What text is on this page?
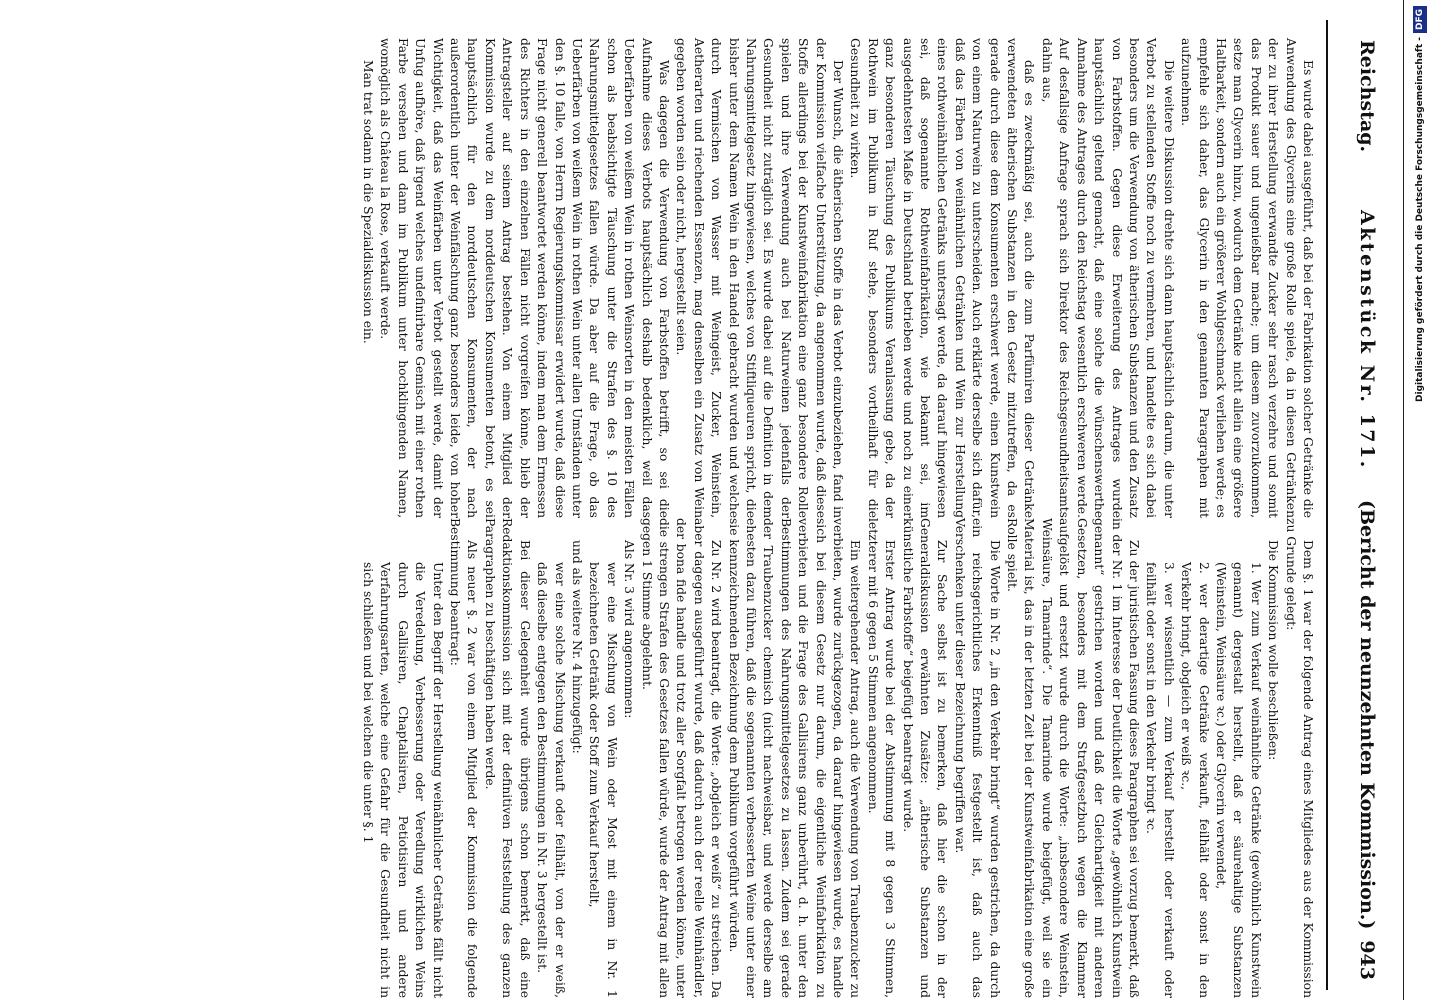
Reichstag.
Aktenstück Nr. 171.
(Bericht der neunzehnten Kommission.)
943

Es wurde dabei ausgeführt, daß bei der Fabrikation solcher Getränke die Anwendung des Glycerins eine große Rolle spiele, da in diesen Getränken der zu ihrer Herstellung verwandte Zucker sehr rasch verzehre und somit das Produkt sauer und ungenießbar mache; um diesem zuvorzukommen, setze man Glycerin hinzu, wodurch dem Getränke nicht allein eine größere Haltbarkeit, sondern auch ein größerer Wohlgeschmack verliehen werde; es empfehle sich daher, das Glycerin in den genannten Paragraphen mit aufzunehmen.

Die weitere Diskussion drehte sich dann hauptsächlich darum, die unter Verbot zu stellenden Stoffe noch zu vermehren, und handelte es sich dabei besonders um die Verwendung von ätherischen Substanzen und den Zusatz von Farbstoffen. Gegen diese Erweiterung des Antrages wurde hauptsächlich geltend gemacht, daß eine solche die wünschenswerthe Annahme des Antrages durch den Reichstag wesentlich erschweren werde. Auf desfallsige Anfrage sprach sich Direktor des Reichsgesundheitsamts dahin aus,

daß es zweckmäßig sei, auch die zum Parfümiren dieser Getränke verwendeten ätherischen Substanzen in den Gesetz mitzutreffen, da es gerade durch diese dem Konsumenten erschwert werde, einen Kunstwein von einem Naturwein zu unterscheiden. Auch erklärte derselbe sich dafür, daß das Färben von weinähnlichen Getränken und Wein zur Herstellung eines rothweinähnlichen Getränks untersagt werde, da darauf hingewiesen sei, daß sogenannte Rothweinfabrikation, wie bekannt sei, im ausgedehntesten Maße in Deutschland betrieben werde und noch zu einer ganz besonderen Täuschung des Publikums Veranlassung gebe, da der Rothwein im Publikum in Ruf stehe, besonders vortheilhaft für die Gesundheit zu wirken.

Der Wunsch, die ätherischen Stoffe in das Verbot einzubeziehen, fand in der Kommission vielfache Unterstützung, da angenommen wurde, daß diese Stoffe allerdings bei der Kunstweinfabrikation eine ganz besondere Rolle spielen und ihre Verwendung auch bei Naturweinen jedenfalls der Gesundheit nicht zuträglich sei. Es wurde dabei auf die Definition in dem Nahrungsmittelgesetz hingewiesen, welches von Stiftliqueuren spricht, die bisher unter dem Namen Wein in den Handel gebracht wurden und welche durch Vermischen von Wasser mit Weingeist, Zucker, Weinstein, Aetherarten und riechenden Essenzen, mag denselben ein Zusatz von Wein gegeben worden sein oder nicht, hergestellt seien.

Was dagegen die Verwendung von Farbstoffen betrifft, so sei die Aufnahme dieses Verbots hauptsächlich deshalb bedenklich, weil das Ueberfärben von weißem Wein in rothen Weinsorten in den meisten Fällen schon als beabsichtigte Täuschung unter die Strafen des §. 10 des Nahrungsmittelgesetzes fallen würde. Da aber auf die Frage, ob das Ueberfärben von weißem Wein in rothen Wein unter allen Umständen unter den §. 10 falle, von Herrn Regierungskommissar erwidert wurde, daß diese Frage nicht generell beantwortet werden könne, indem man dem Ermessen des Richters in den einzelnen Fällen nicht vorgreifen könne, blieb der Antragsteller auf seinem Antrag bestehen. Von einem Mitglied der Kommission wurde zu dem norddeutschen Konsumenten betont, es sei hauptsächlich für den norddeutschen Konsumenten, der nach außerordentlich unter der Weinfälschung ganz besonders leide, von hoher Wichtigkeit, daß das Weinfärben unter Verbot gestellt werde, damit der Unfug aufhöre, daß irgend welches undefinirbare Gemisch mit einer rothen Farbe versehen und dann im Publikum unter hochklingenden Namen, womöglich als Château la Rose, verkauft werde.

Man trat sodann in die Spezialdiskussion ein.

Dem §. 1 war der folgende Antrag eines Mitgliedes aus der Kommission zu Grunde gelegt:

Die Kommission wolle beschließen:

1. Wer zum Verkauf weinähnliche Getränke (gewöhnlich Kunstwein genannt) dergestalt herstellt, daß er säurehaltige Substanzen (Weinstein, Weinsäure ꝛc.) oder Glycerin verwendet,

2. wer derartige Getränke verkauft, feilhält oder sonst in den Verkehr bringt, obgleich er weiß ꝛc.,

3. wer wissentlich — zum Verkauf herstellt oder verkauft oder feilhält oder sonst in den Verkehr bringt ꝛc.

Zu der juristischen Fassung dieses Paragraphen sei vorzug bemerkt, daß in der Nr. 1 im Interesse der Deutlichkeit die Worte „gewöhnlich Kunstwein genannt“ gestrichen worden und daß der Gleichartigkeit mit anderen Gesetzen, besonders mit dem Strafgesetzbuch wegen die Klammer aufgelöst und ersetzt wurde durch die Worte: „insbesondere Weinstein, Weinsäure, Tamarinde“. Die Tamarinde wurde beigefügt, weil sie ein Material ist, das in der letzten Zeit bei der Kunstweinfabrikation eine große Rolle spielt.

Die Worte in Nr. 2 „in den Verkehr bringt“ wurden gestrichen, da durch ein reichsgerichtliches Erkenntniß festgestellt ist, daß auch das Verschenken unter dieser Bezeichnung begriffen war.

Zur Sache selbst ist zu bemerken, daß hier die schon in der Generaldiskussion erwähnten Zusätze: „ätherische Substanzen und künstliche Farbstoffe“ beigefügt beantragt wurde.

Erster Antrag wurde bei der Abstimmung mit 8 gegen 3 Stimmen, letzterer mit 6 gegen 5 Stimmen angenommen.

Ein weitergehender Antrag, auch die Verwendung von Traubenzucker zu verbieten, wurde zurückgezogen, da darauf hingewiesen wurde, es handle sich bei diesem Gesetz nur darum, die eigentliche Weinfabrikation zu verbieten und die Frage des Gallisirens ganz unberührt, d. h. unter den Bestimmungen des Nahrungsmittelgesetzes zu lassen. Zudem sei gerade der Traubenzucker chemisch (nicht nachweisbar, und werde derselbe am ehesten dazu führen, daß die sogenannten verbesserten Weine unter einer sie kennzeichnenden Bezeichnung dem Publikum vorgeführt würden.

Zu Nr. 2 wird beantragt, die Worte: „obgleich er weiß“ zu streichen. Da aber dagegen ausgeführt wurde, daß dadurch auch der reelle Weinhändler, der bona fide handle und trotz aller Sorgfalt betrogen werden könne, unter die strengen Strafen des Gesetzes fallen würde, wurde der Antrag mit allen gegen 1 Stimme abgelehnt.

Als Nr. 3 wird angenommen:

wer eine Mischung von Wein oder Most mit einem in Nr. 1 bezeichneten Getränk oder Stoff zum Verkauf herstellt,

und als weitere Nr. 4 hinzugefügt:

wer eine solche Mischung verkauft oder feilhält, von der er weiß, daß dieselbe entgegen den Bestimmungen in Nr. 3 hergestellt ist.

Bei dieser Gelegenheit wurde übrigens schon bemerkt, daß eine Redaktionskommission sich mit der definitiven Feststellung des ganzen Paragraphen zu beschäftigen haben werde.

Als neuer §. 2 war von einem Mitglied der Kommission die folgende Bestimmung beantragt:

Unter den Begriff der Herstellung weinähnlicher Getränke fällt nicht die Veredelung, Verbesserung oder Veredlung wirklichen Weins durch Gallisiren, Chaptalisiren, Petiotisiren und andere Verfahrungsarten, welche eine Gefahr für die Gesundheit nicht in sich schließen und bei welchen die unter §. 1

Digitalisierung gefördert durch die Deutsche Forschungsgemeinschaft -DFG
